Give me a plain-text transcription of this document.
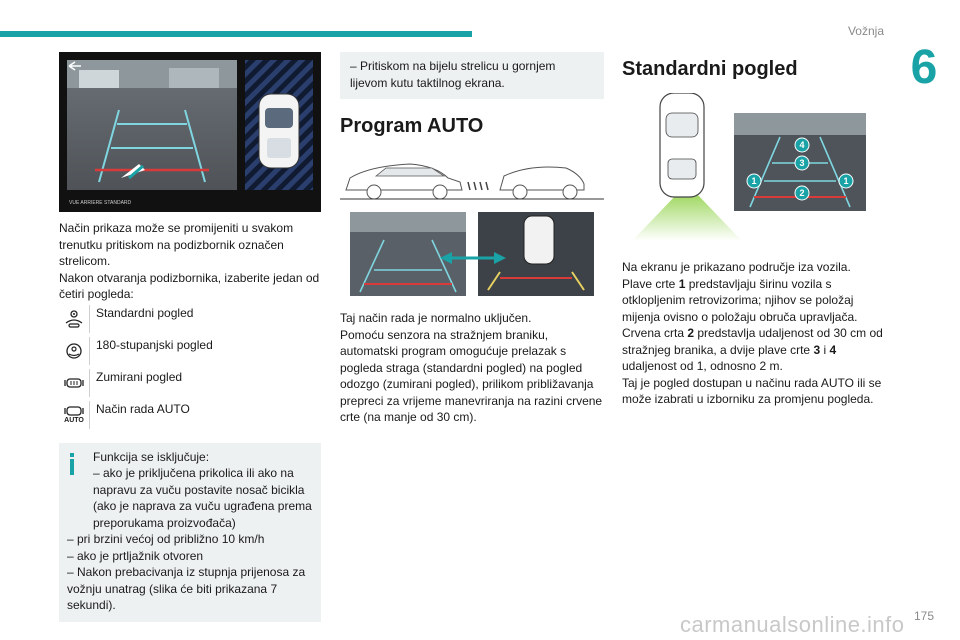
Vožnja
6
VUE ARRIERE STANDARD

Način prikaza može se promijeniti u svakom trenutku pritiskom na podizbornik označen strelicom.

Nakon otvaranja podizbornika, izaberite jedan od četiri pogleda:

Standardni pogled
180-stupanjski pogled
Zumirani pogled
AUTO
Način rada AUTO

Funkcija se isključuje:

– ako je priključena prikolica ili ako na napravu za vuču postavite nosač bicikla (ako je naprava za vuču ugrađena prema preporukama proizvođača)

– pri brzini većoj od približno 10 km/h

– ako je prtljažnik otvoren

– Nakon prebacivanja iz stupnja prijenosa za vožnju unatrag (slika će biti prikazana 7 sekundi).

– Pritiskom na bijelu strelicu u gornjem lijevom kutu taktilnog ekrana.
Program AUTO

Taj način rada je normalno uključen.

Pomoću senzora na stražnjem braniku, automatski program omogućuje prelazak s pogleda straga (standardni pogled) na pogled odozgo (zumirani pogled), prilikom približavanja prepreci za vrijeme manevriranja na razini crvene crte (na manje od 30 cm).

Standardni pogled
4
3
1	1
2

Na ekranu je prikazano područje iza vozila.

Plave crte 1 predstavljaju širinu vozila s otklopljenim retrovizorima; njihov se položaj mijenja ovisno o položaju obruča upravljača.

Crvena crta 2 predstavlja udaljenost od 30 cm od stražnjeg branika, a dvije plave crte 3 i 4 udaljenost od 1, odnosno 2 m.

Taj je pogled dostupan u načinu rada AUTO ili se može izabrati u izborniku za promjenu pogleda.

175
carmanualsonline.info
